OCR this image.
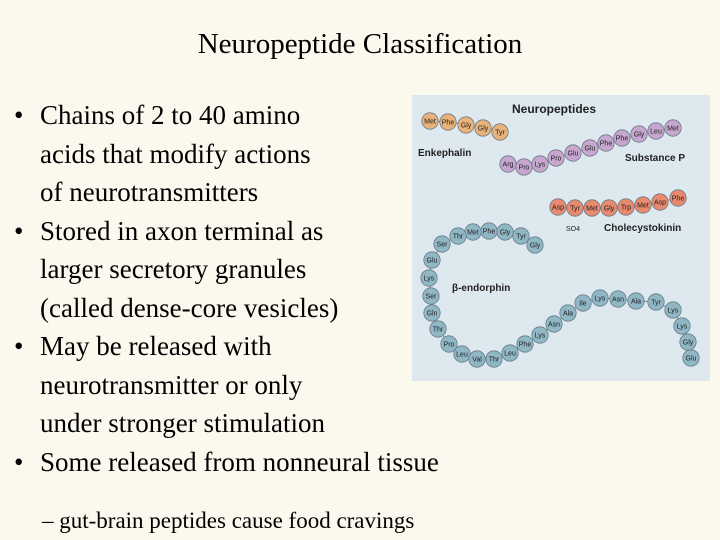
Neuropeptide Classification
• Chains of 2 to 40 amino
acids that modify actions
of neurotransmitters
• Stored in axon terminal as
larger secretory granules
(called dense-core vesicles)
• May be released with
neurotransmitter or only
under stronger stimulation
• Some released from nonneural tissue
– gut-brain peptides cause food cravings
Neuropeptides
Enkephalin	Substance P
Cholecystokinin
β-endorphin
SO4
Met Phe Gly Gly
Tyr
Arg Pro Lys
Pro
Glu
Glu
Phe
Phe
Gly Leu Met
Asp Tyr Met Gly Trp Met Asp
Phe
Gly
Tyr
Gly
Phe
Met
Thr
Ser
Glu
Lys
Ser
Gln
Thr
Pro
Leu
Val Thr
Leu
Phe
Lys
Asn
Ala
Ile
Lys Asn Ala Tyr
Lys
Lys
Gly
Glu
